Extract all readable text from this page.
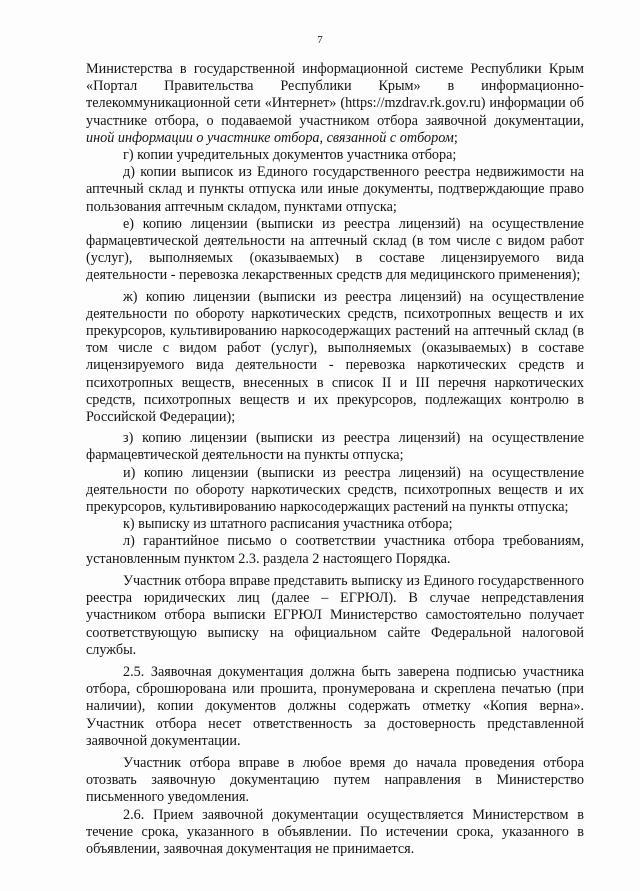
7

Министерства в государственной информационной системе Республики Крым «Портал Правительства Республики Крым» в информационно-телекоммуникационной сети «Интернет» (https://mzdrav.rk.gov.ru) информации об участнике отбора, о подаваемой участником отбора заявочной документации, иной информации о участнике отбора, связанной с отбором;

г) копии учредительных документов участника отбора;

д) копии выписок из Единого государственного реестра недвижимости на аптечный склад и пункты отпуска или иные документы, подтверждающие право пользования аптечным складом, пунктами отпуска;

е) копию лицензии (выписки из реестра лицензий) на осуществление фармацевтической деятельности на аптечный склад (в том числе с видом работ (услуг), выполняемых (оказываемых) в составе лицензируемого вида деятельности - перевозка лекарственных средств для медицинского применения);

ж) копию лицензии (выписки из реестра лицензий) на осуществление деятельности по обороту наркотических средств, психотропных веществ и их прекурсоров, культивированию наркосодержащих растений на аптечный склад (в том числе с видом работ (услуг), выполняемых (оказываемых) в составе лицензируемого вида деятельности - перевозка наркотических средств и психотропных веществ, внесенных в список II и III перечня наркотических средств, психотропных веществ и их прекурсоров, подлежащих контролю в Российской Федерации);

з) копию лицензии (выписки из реестра лицензий) на осуществление фармацевтической деятельности на пункты отпуска;

и) копию лицензии (выписки из реестра лицензий) на осуществление деятельности по обороту наркотических средств, психотропных веществ и их прекурсоров, культивированию наркосодержащих растений на пункты отпуска;

к) выписку из штатного расписания участника отбора;

л) гарантийное письмо о соответствии участника отбора требованиям, установленным пунктом 2.3. раздела 2 настоящего Порядка.

Участник отбора вправе представить выписку из Единого государственного реестра юридических лиц (далее – ЕГРЮЛ). В случае непредставления участником отбора выписки ЕГРЮЛ Министерство самостоятельно получает соответствующую выписку на официальном сайте Федеральной налоговой службы.

2.5. Заявочная документация должна быть заверена подписью участника отбора, сброшюрована или прошита, пронумерована и скреплена печатью (при наличии), копии документов должны содержать отметку «Копия верна». Участник отбора несет ответственность за достоверность представленной заявочной документации.

Участник отбора вправе в любое время до начала проведения отбора отозвать заявочную документацию путем направления в Министерство письменного уведомления.

2.6. Прием заявочной документации осуществляется Министерством в течение срока, указанного в объявлении. По истечении срока, указанного в объявлении, заявочная документация не принимается.
